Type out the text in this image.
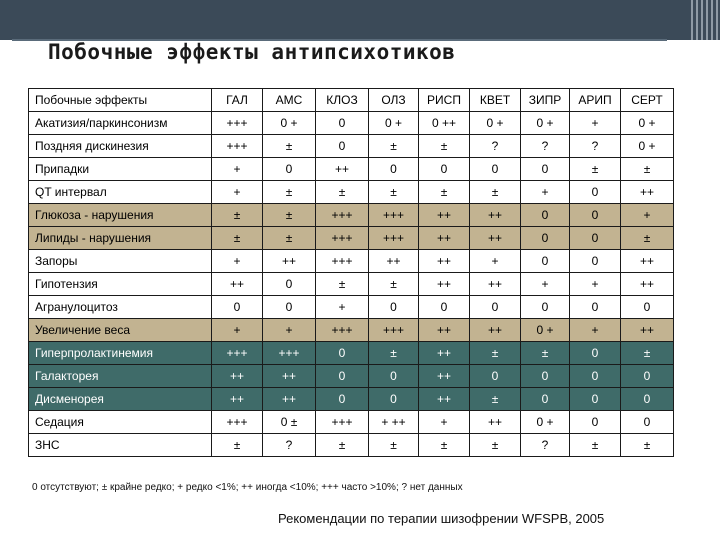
Побочные эффекты антипсихотиков
Побочные эффекты	ГАЛ	АМС	КЛОЗ	ОЛЗ	РИСП	КВЕТ	ЗИПР	АРИП	СЕРТ
Акатизия/паркинсонизм	+++	0 +	0	0 +	0 ++	0 +	0 +	+	0 +
Поздняя дискинезия	+++	±	0	±	±	?	?	?	0 +
Припадки	+	0	++	0	0	0	0	±	±
QT интервал	+	±	±	±	±	±	+	0	++
Глюкоза - нарушения	±	±	+++	+++	++	++	0	0	+
Липиды - нарушения	±	±	+++	+++	++	++	0	0	±
Запоры	+	++	+++	++	++	+	0	0	++
Гипотензия	++	0	±	±	++	++	+	+	++
Агранулоцитоз	0	0	+	0	0	0	0	0	0
Увеличение веса	+	+	+++	+++	++	++	0 +	+	++
Гиперпролактинемия	+++	+++	0	±	++	±	±	0	±
Галакторея	++	++	0	0	++	0	0	0	0
Дисменорея	++	++	0	0	++	±	0	0	0
Седация	+++	0 ±	+++	+ ++	+	++	0 +	0	0
ЗНС	±	?	±	±	±	±	?	±	±
0 отсутствуют; ± крайне редко; + редко <1%; ++ иногда <10%; +++ часто >10%; ? нет данных
Рекомендации по терапии шизофрении WFSPB, 2005
